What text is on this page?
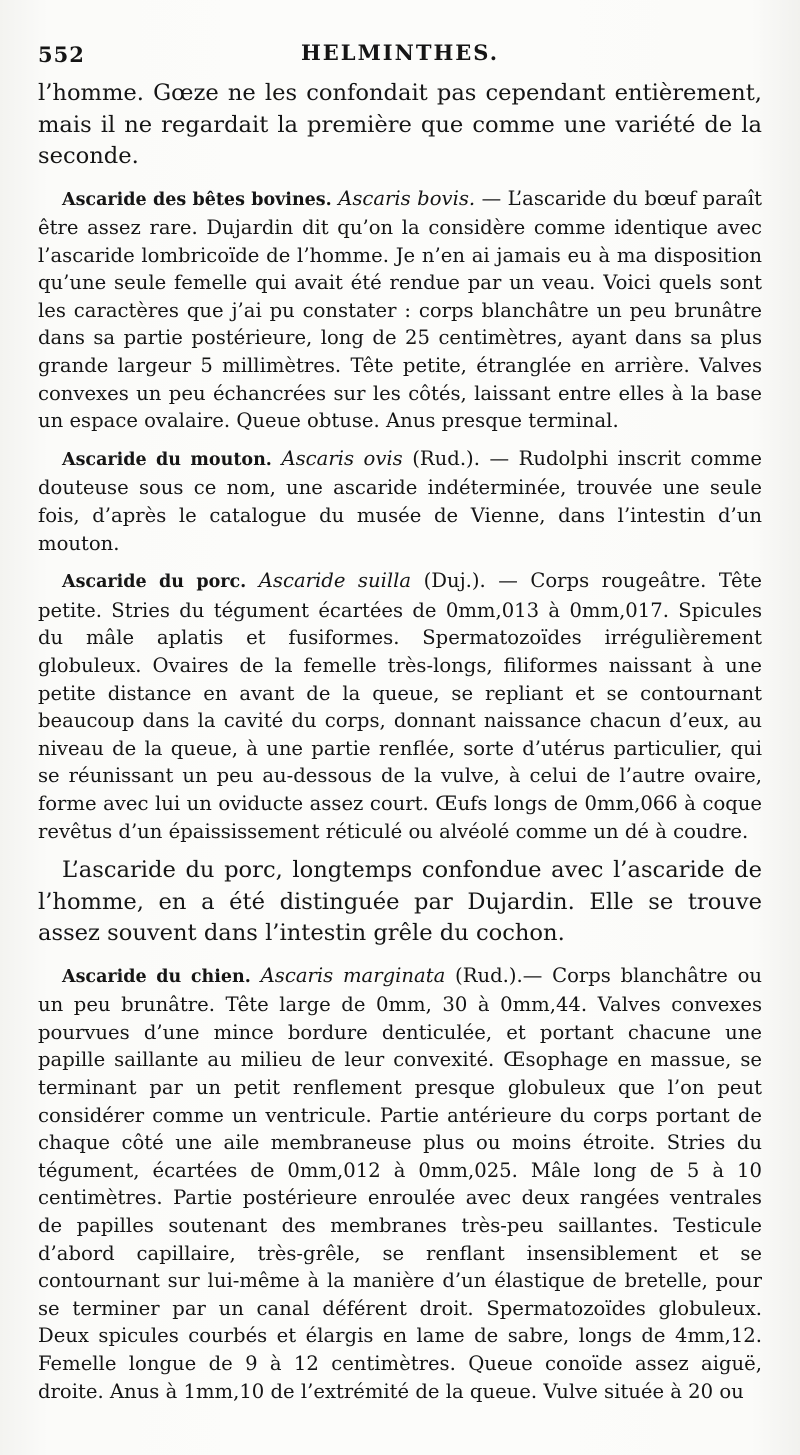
552	HELMINTHES.

l’homme. Gœze ne les confondait pas cependant entièrement, mais il ne regardait la première que comme une variété de la seconde.

Ascaride des bêtes bovines. Ascaris bovis. — L’ascaride du bœuf paraît être assez rare. Dujardin dit qu’on la considère comme identique avec l’ascaride lombricoïde de l’homme. Je n’en ai jamais eu à ma disposition qu’une seule femelle qui avait été rendue par un veau. Voici quels sont les caractères que j’ai pu constater : corps blanchâtre un peu brunâtre dans sa partie postérieure, long de 25 centimètres, ayant dans sa plus grande largeur 5 millimètres. Tête petite, étranglée en arrière. Valves convexes un peu échancrées sur les côtés, laissant entre elles à la base un espace ovalaire. Queue obtuse. Anus presque terminal.

Ascaride du mouton. Ascaris ovis (Rud.). — Rudolphi inscrit comme douteuse sous ce nom, une ascaride indéterminée, trouvée une seule fois, d’après le catalogue du musée de Vienne, dans l’intestin d’un mouton.

Ascaride du porc. Ascaride suilla (Duj.). — Corps rougeâtre. Tête petite. Stries du tégument écartées de 0mm,013 à 0mm,017. Spicules du mâle aplatis et fusiformes. Spermatozoïdes irrégulièrement globuleux. Ovaires de la femelle très-longs, filiformes naissant à une petite distance en avant de la queue, se repliant et se contournant beaucoup dans la cavité du corps, donnant naissance chacun d’eux, au niveau de la queue, à une partie renflée, sorte d’utérus particulier, qui se réunissant un peu au-dessous de la vulve, à celui de l’autre ovaire, forme avec lui un oviducte assez court. Œufs longs de 0mm,066 à coque revêtus d’un épaississement réticulé ou alvéolé comme un dé à coudre.

L’ascaride du porc, longtemps confondue avec l’ascaride de l’homme, en a été distinguée par Dujardin. Elle se trouve assez souvent dans l’intestin grêle du cochon.

Ascaride du chien. Ascaris marginata (Rud.).— Corps blanchâtre ou un peu brunâtre. Tête large de 0mm, 30 à 0mm,44. Valves convexes pourvues d’une mince bordure denticulée, et portant chacune une papille saillante au milieu de leur convexité. Œsophage en massue, se terminant par un petit renflement presque globuleux que l’on peut considérer comme un ventricule. Partie antérieure du corps portant de chaque côté une aile membraneuse plus ou moins étroite. Stries du tégument, écartées de 0mm,012 à 0mm,025. Mâle long de 5 à 10 centimètres. Partie postérieure enroulée avec deux rangées ventrales de papilles soutenant des membranes très-peu saillantes. Testicule d’abord capillaire, très-grêle, se renflant insensiblement et se contournant sur lui-même à la manière d’un élastique de bretelle, pour se terminer par un canal déférent droit. Spermatozoïdes globuleux. Deux spicules courbés et élargis en lame de sabre, longs de 4mm,12. Femelle longue de 9 à 12 centimètres. Queue conoïde assez aiguë, droite. Anus à 1mm,10 de l’extrémité de la queue. Vulve située à 20 ou
